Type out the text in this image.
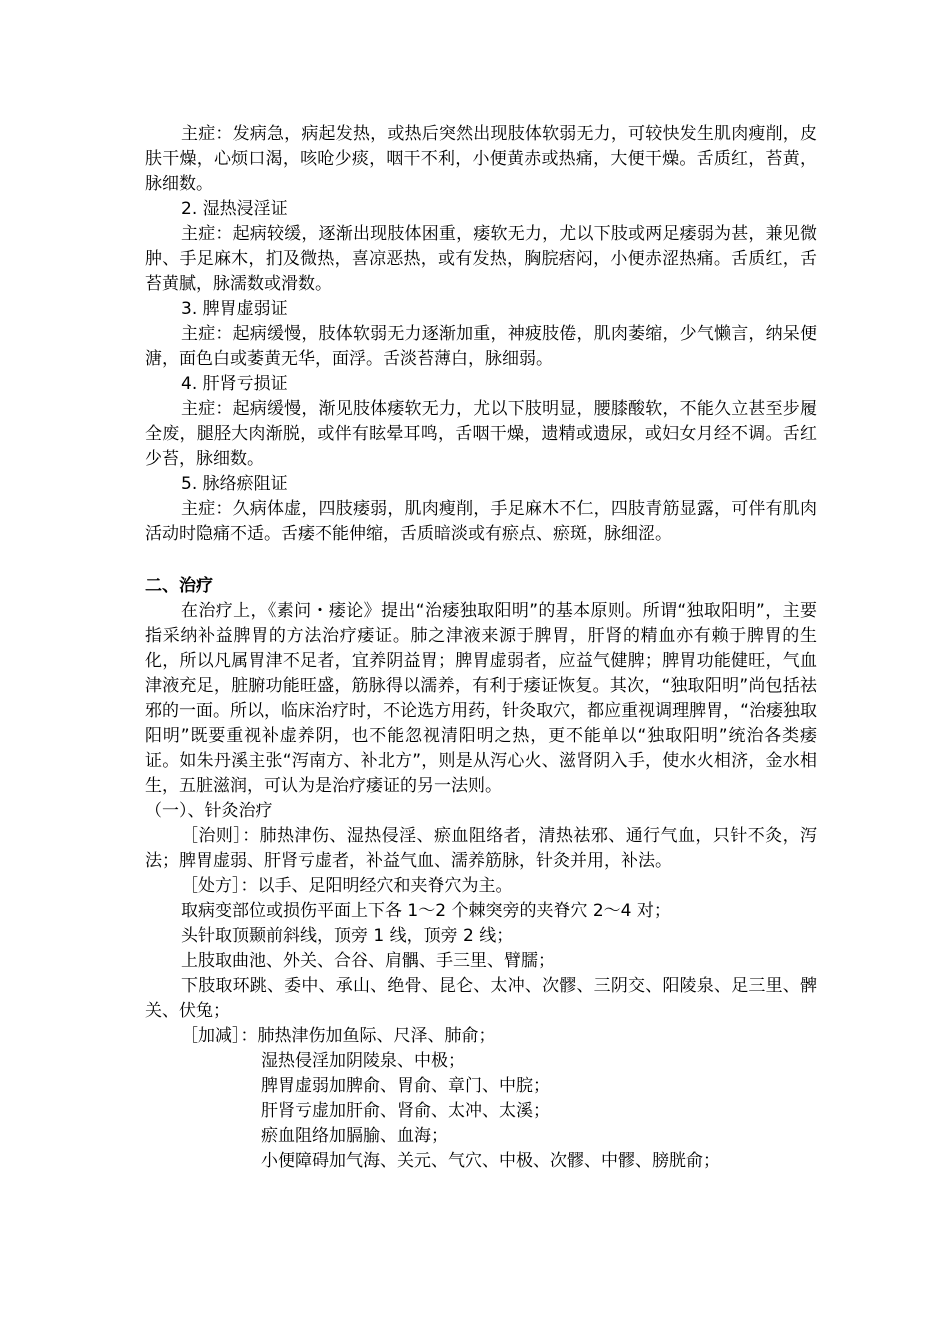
主症：发病急，病起发热，或热后突然出现肢体软弱无力，可较快发生肌肉瘦削，皮肤干燥，心烦口渴，咳呛少痰，咽干不利，小便黄赤或热痛，大便干燥。舌质红，苔黄，脉细数。

2. 湿热浸淫证

主症：起病较缓，逐渐出现肢体困重，痿软无力，尤以下肢或两足痿弱为甚，兼见微肿、手足麻木，扪及微热，喜凉恶热，或有发热，胸脘痞闷，小便赤涩热痛。舌质红，舌苔黄腻，脉濡数或滑数。

3. 脾胃虚弱证

主症：起病缓慢，肢体软弱无力逐渐加重，神疲肢倦，肌肉萎缩，少气懒言，纳呆便溏，面色白或萎黄无华，面浮。舌淡苔薄白，脉细弱。

4. 肝肾亏损证

主症：起病缓慢，渐见肢体痿软无力，尤以下肢明显，腰膝酸软，不能久立甚至步履全废，腿胫大肉渐脱，或伴有眩晕耳鸣，舌咽干燥，遗精或遗尿，或妇女月经不调。舌红少苔，脉细数。

5. 脉络瘀阻证

主症：久病体虚，四肢痿弱，肌肉瘦削，手足麻木不仁，四肢青筋显露，可伴有肌肉活动时隐痛不适。舌痿不能伸缩，舌质暗淡或有瘀点、瘀斑，脉细涩。

二、治疗

在治疗上，《素问・痿论》提出“治痿独取阳明”的基本原则。所谓“独取阳明”，主要指采纳补益脾胃的方法治疗痿证。肺之津液来源于脾胃，肝肾的精血亦有赖于脾胃的生化，所以凡属胃津不足者，宜养阴益胃；脾胃虚弱者，应益气健脾；脾胃功能健旺，气血津液充足，脏腑功能旺盛，筋脉得以濡养，有利于痿证恢复。其次，“独取阳明”尚包括祛邪的一面。所以，临床治疗时，不论选方用药，针灸取穴，都应重视调理脾胃，“治痿独取阳明”既要重视补虚养阴，也不能忽视清阳明之热，更不能单以“独取阳明”统治各类痿证。如朱丹溪主张“泻南方、补北方”，则是从泻心火、滋肾阴入手，使水火相济，金水相生，五脏滋润，可认为是治疗痿证的另一法则。

（一）、针灸治疗

［治则］：肺热津伤、湿热侵淫、瘀血阻络者，清热祛邪、通行气血，只针不灸，泻法；脾胃虚弱、肝肾亏虚者，补益气血、濡养筋脉，针灸并用，补法。

［处方］：以手、足阳明经穴和夹脊穴为主。

取病变部位或损伤平面上下各 1～2 个棘突旁的夹脊穴 2～4 对；

头针取顶颞前斜线，顶旁 1 线，顶旁 2 线；

上肢取曲池、外关、合谷、肩髃、手三里、臂臑；

下肢取环跳、委中、承山、绝骨、昆仑、太冲、次髎、三阴交、阳陵泉、足三里、髀关、伏兔；

［加减］：肺热津伤加鱼际、尺泽、肺俞；

湿热侵淫加阴陵泉、中极；

脾胃虚弱加脾俞、胃俞、章门、中脘；

肝肾亏虚加肝俞、肾俞、太冲、太溪；

瘀血阻络加膈腧、血海；

小便障碍加气海、关元、气穴、中极、次髎、中髎、膀胱俞；
